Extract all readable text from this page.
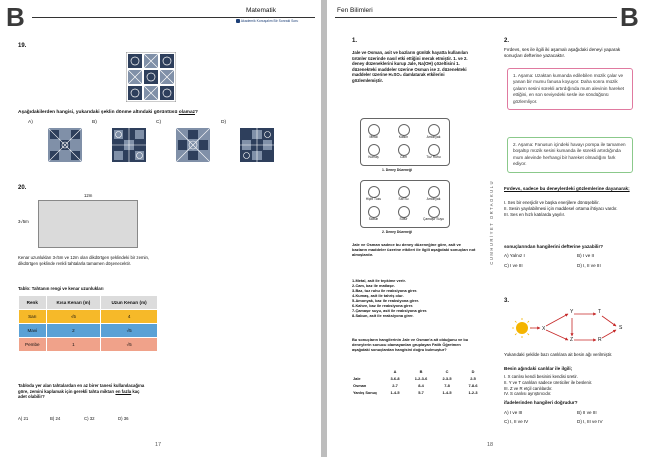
B	Matematik
Akademik Konuşalım Bir Sonraki Soru
19.
Aşağıdakilerden hangisi, yukarıdaki şeklin dönme altındaki görüntüsü olamaz?
A)	B)	C)	D)
20.
12m
3√5m
Kenar uzunlukları 3√5m ve 12m olan dikdörtgen şeklindeki bir zemin, dikdörtgen şeklinde renkli tahtalarla tamamen döşenecektir.
Tablo: Tahtanın rengi ve kenar uzunlukları
Renk	Kısa Kenarı (m)	Uzun Kenarı (m)
Sarı	√5	4
Mavi	2	√5
Pembe	1	√5
Tabloda yer alan tahtalardan en az birer tanesi kullanılacağına göre, zemini kaplamak için gerekli tahta miktarı en fazla kaç adet olabilir?
A) 21	B) 24	C) 32	D) 36
17
Fen Bilimleri	B
1.
Jale ve Osman, asit ve bazların günlük hayatta kullanılan ürünler üzerinde nasıl etki ettiğini merak etmiştir. 1. ve 2. deney düzeneklerini kurup Jale, Na(OH) çözeltisini 1. düzenekteki maddeler üzerine Osman ise 2. düzenekteki maddeler üzerine H₂SO₄ damlatarak etkilerini gözlemlemiştir.
Metal	Kalsın	Amonyak
Kumaş	Cam	Tuz Ruhu
1. Deney Düzeneği
Hiçbi Tuzu	Saf Su	Amonyak
Sabun	Süfür	Çamaşır Suyu
2. Deney Düzeneği
Jale ve Osman sadece bu deney düzeneğine göre, asit ve bazların maddeler üzerine etkileri ile ilgili aşağıdaki sonuçları not almışlardır.
1-Metal, asit ile tepkime verir.
2-Cam, baz ile matlaşır.
3-Baz, tuz ruhu ile reaksiyona girer.
4-Kumaş, asit ile tahriş olur.
5-Amonyak, baz ile reaksiyona girer.
6-Kahve, baz ile reaksiyona girer.
7-Çamaşır suyu, asit ile reaksiyona girer.
8-Sabun, asit ile reaksiyona girer.
Bu sonuçların hangilerinin Jale ve Osman'a ait olduğunu ve bu deneylerin sonucu olamayanları gruplayan Fatih Öğretmen aşağıdaki sonuçlardan hangisini doğru bulmuştur?
	A	B	C	D
Jale	3-6-8	1-2-3-6	2-3-5	2-5
Osman	2-7	8-4	7-8	7-8-6
Yanlış Sonuç	1-4-5	5-7	1-4-5	1-2-3
18
CUMHURİYET ORTAOKULU
2.
Fırdevs, ses ile ilgili iki aşamalı aşağıdaki deneyi yaparak sonuçları defterine yazacaktır.
1. Aşama: Uzaktan kumanda edilebilen müzik çalar ve yanan bir mumu fanusa koyuyor. Daha sonra müzik çaların sesini sürekli artırdığında mum alevinin hareket ettiğini, en son seviyedeki sesle ise söndüğünü gözlemliyor.
2. Aşama: Fanusun içindeki havayı pompa ile tamamen boşaltıp müzik sesini kumanda ile sürekli artırdığında mum alevinde herhangi bir hareket olmadığını fark ediyor.
Fırdevs, sadece bu deneylerdeki gözlemlerine dayanarak;
I. Ses bir enerjidir ve başka enerjilere dönüşebilir.
II. Sesin yayılabilmesi için maddesel ortama ihtiyacı vardır.
III. Ses en hızlı katılarda yayılır.
sonuçlarından hangilerini defterine yazabilir?
A) Yalnız I	B) I ve II
C) I ve III	D) I, II ve III
3.
X
Y
Z
T
R
S
Yukarıdaki şekilde bazı canlılara ait besin ağı verilmiştir.
Besin ağındaki canlılar ile ilgili;
I. X canlısı kendi besinini kendisi üretir.
II. Y ve T canlıları sadece üreticiler ile beslenir.
III. Z ve R etçil canlılardır.
IV. S canlısı ayrıştırıcıdır.
ifadelerinden hangileri doğrudur?
A) I ve III	B) II ve III
C) I, II ve IV	D) I, III ve IV
